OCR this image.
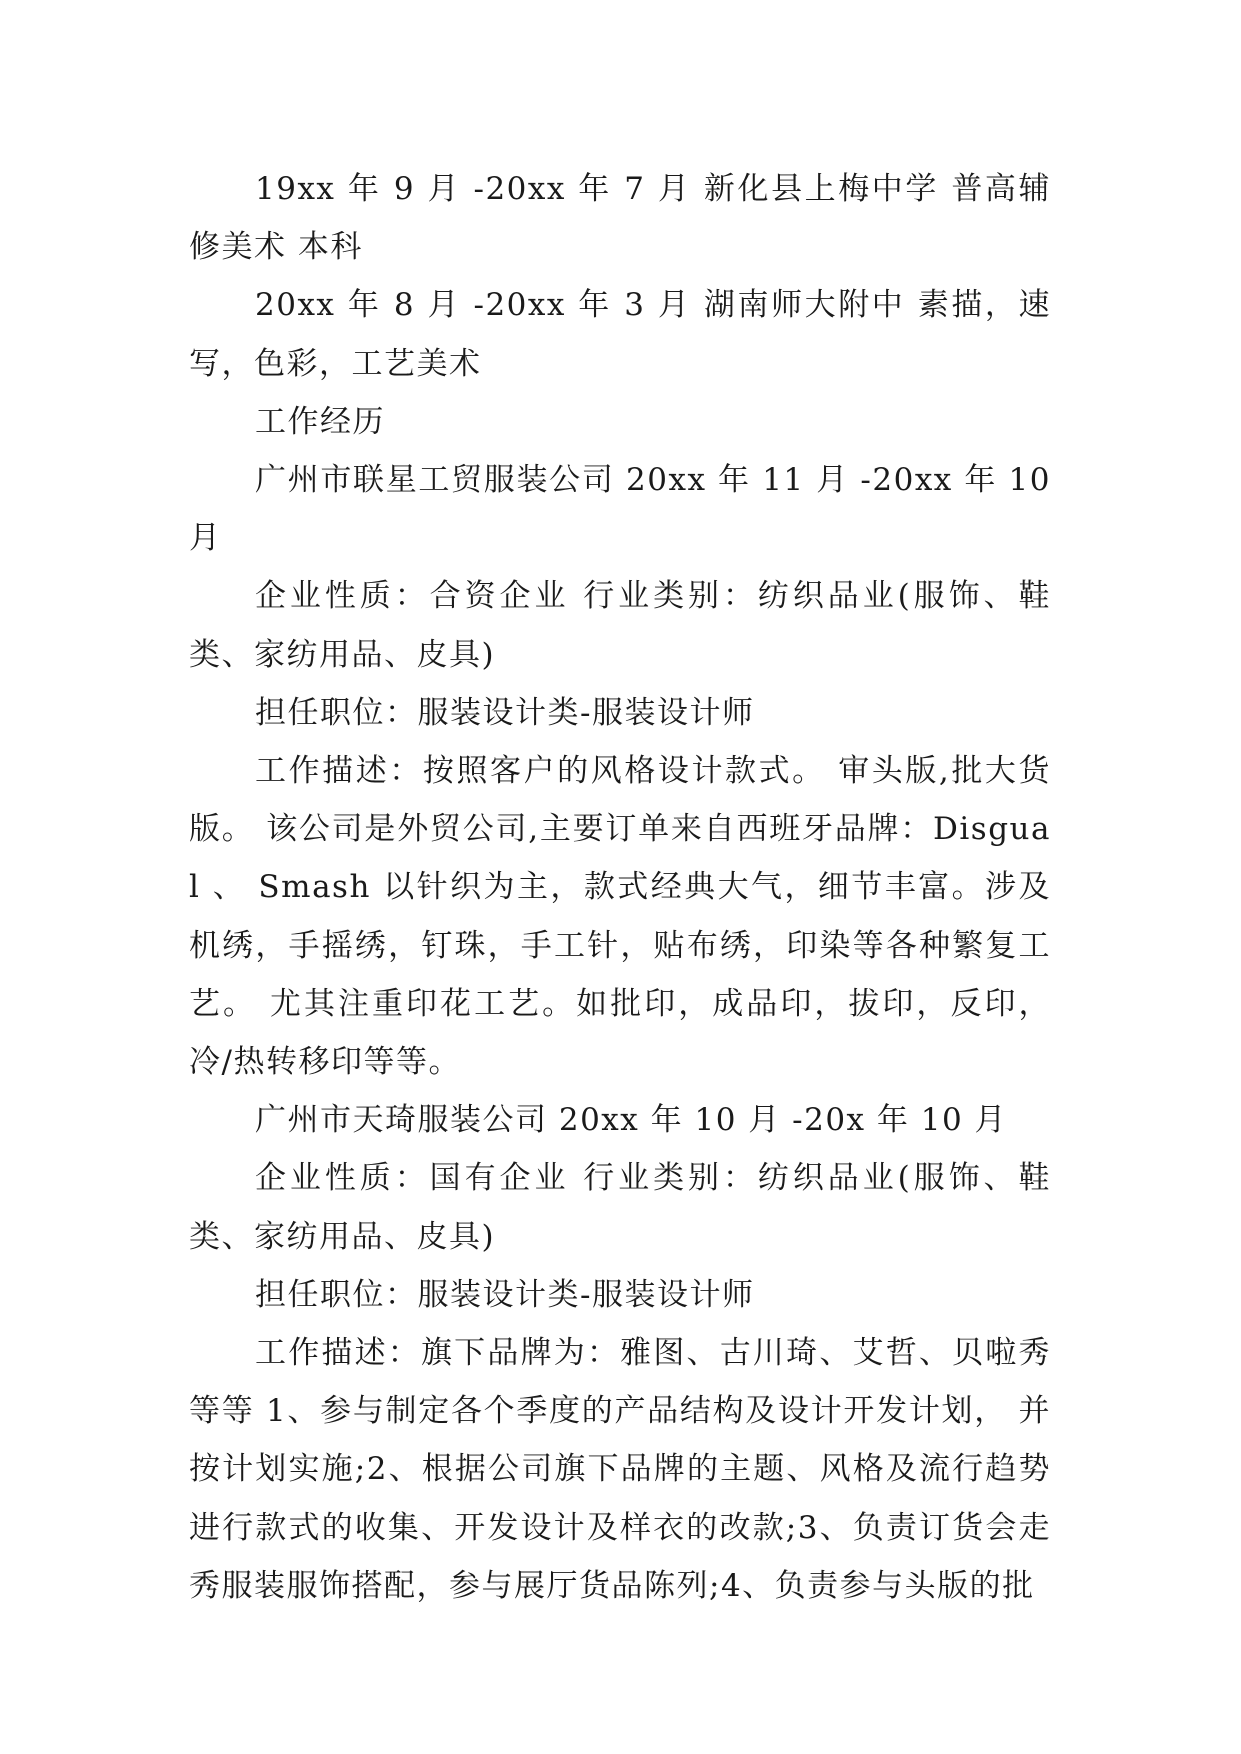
19xx 年 9 月 -20xx 年 7 月 新化县上梅中学 普高辅修美术 本科

20xx 年 8 月 -20xx 年 3 月 湖南师大附中 素描，速写，色彩，工艺美术

工作经历

广州市联星工贸服装公司 20xx 年 11 月 -20xx 年 10 月

企业性质：合资企业 行业类别：纺织品业(服饰、鞋类、家纺用品、皮具)

担任职位：服装设计类-服装设计师

工作描述：按照客户的风格设计款式。 审头版,批大货版。 该公司是外贸公司,主要订单来自西班牙品牌：Disgual 、 Smash 以针织为主，款式经典大气，细节丰富。涉及机绣，手摇绣，钉珠，手工针，贴布绣，印染等各种繁复工艺。 尤其注重印花工艺。如批印，成品印，拔印，反印，冷/热转移印等等。

广州市天琦服装公司 20xx 年 10 月 -20x 年 10 月

企业性质：国有企业 行业类别：纺织品业(服饰、鞋类、家纺用品、皮具)

担任职位：服装设计类-服装设计师

工作描述：旗下品牌为：雅图、古川琦、艾哲、贝啦秀等等 1、参与制定各个季度的产品结构及设计开发计划， 并按计划实施;2、根据公司旗下品牌的主题、风格及流行趋势进行款式的收集、开发设计及样衣的改款;3、负责订货会走秀服装服饰搭配，参与展厅货品陈列;4、负责参与头版的批
